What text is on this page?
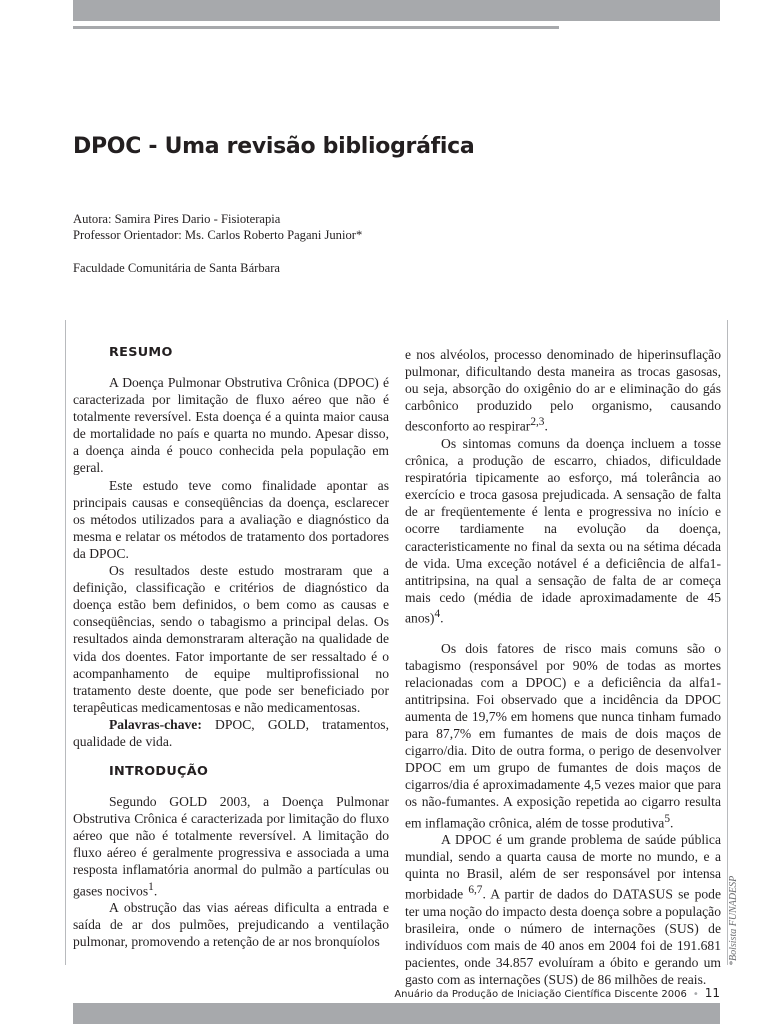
DPOC - Uma revisão bibliográfica
Autora: Samira Pires Dario - Fisioterapia
Professor Orientador: Ms. Carlos Roberto Pagani Junior*
Faculdade Comunitária de Santa Bárbara
RESUMO

A Doença Pulmonar Obstrutiva Crônica (DPOC) é caracterizada por limitação de fluxo aéreo que não é totalmente reversível. Esta doença é a quinta maior causa de mortalidade no país e quarta no mundo. Apesar disso, a doença ainda é pouco conhecida pela população em geral.

Este estudo teve como finalidade apontar as principais causas e conseqüências da doença, esclarecer os métodos utilizados para a avaliação e diagnóstico da mesma e relatar os métodos de tratamento dos portadores da DPOC.

Os resultados deste estudo mostraram que a definição, classificação e critérios de diagnóstico da doença estão bem definidos, o bem como as causas e conseqüências, sendo o tabagismo a principal delas. Os resultados ainda demonstraram alteração na qualidade de vida dos doentes. Fator importante de ser ressaltado é o acompanhamento de equipe multiprofissional no tratamento deste doente, que pode ser beneficiado por terapêuticas medicamentosas e não medicamentosas.

Palavras-chave: DPOC, GOLD, tratamentos, qualidade de vida.

INTRODUÇÃO

Segundo GOLD 2003, a Doença Pulmonar Obstrutiva Crônica é caracterizada por limitação do fluxo aéreo que não é totalmente reversível. A limitação do fluxo aéreo é geralmente progressiva e associada a uma resposta inflamatória anormal do pulmão a partículas ou gases nocivos$^1$.

A obstrução das vias aéreas dificulta a entrada e saída de ar dos pulmões, prejudicando a ventilação pulmonar, promovendo a retenção de ar nos bronquíolos

e nos alvéolos, processo denominado de hiperinsuflação pulmonar, dificultando desta maneira as trocas gasosas, ou seja, absorção do oxigênio do ar e eliminação do gás carbônico produzido pelo organismo, causando desconforto ao respirar$^{2,3}$.

Os sintomas comuns da doença incluem a tosse crônica, a produção de escarro, chiados, dificuldade respiratória tipicamente ao esforço, má tolerância ao exercício e troca gasosa prejudicada. A sensação de falta de ar freqüentemente é lenta e progressiva no início e ocorre tardiamente na evolução da doença, caracteristicamente no final da sexta ou na sétima década de vida. Uma exceção notável é a deficiência de alfa1-antitripsina, na qual a sensação de falta de ar começa mais cedo (média de idade aproximadamente de 45 anos)$^4$.

Os dois fatores de risco mais comuns são o tabagismo (responsável por 90% de todas as mortes relacionadas com a DPOC) e a deficiência da alfa1-antitripsina. Foi observado que a incidência da DPOC aumenta de 19,7% em homens que nunca tinham fumado para 87,7% em fumantes de mais de dois maços de cigarro/dia. Dito de outra forma, o perigo de desenvolver DPOC em um grupo de fumantes de dois maços de cigarros/dia é aproximadamente 4,5 vezes maior que para os não-fumantes. A exposição repetida ao cigarro resulta em inflamação crônica, além de tosse produtiva$^5$.

A DPOC é um grande problema de saúde pública mundial, sendo a quarta causa de morte no mundo, e a quinta no Brasil, além de ser responsável por intensa morbidade $^{6,7}$. A partir de dados do DATASUS se pode ter uma noção do impacto desta doença sobre a população brasileira, onde o número de internações (SUS) de indivíduos com mais de 40 anos em 2004 foi de 191.681 pacientes, onde 34.857 evoluíram a óbito e gerando um gasto com as internações (SUS) de 86 milhões de reais.

*Bolsista FUNADESP
Anuário da Produção de Iniciação Científica Discente 2006 • 11
